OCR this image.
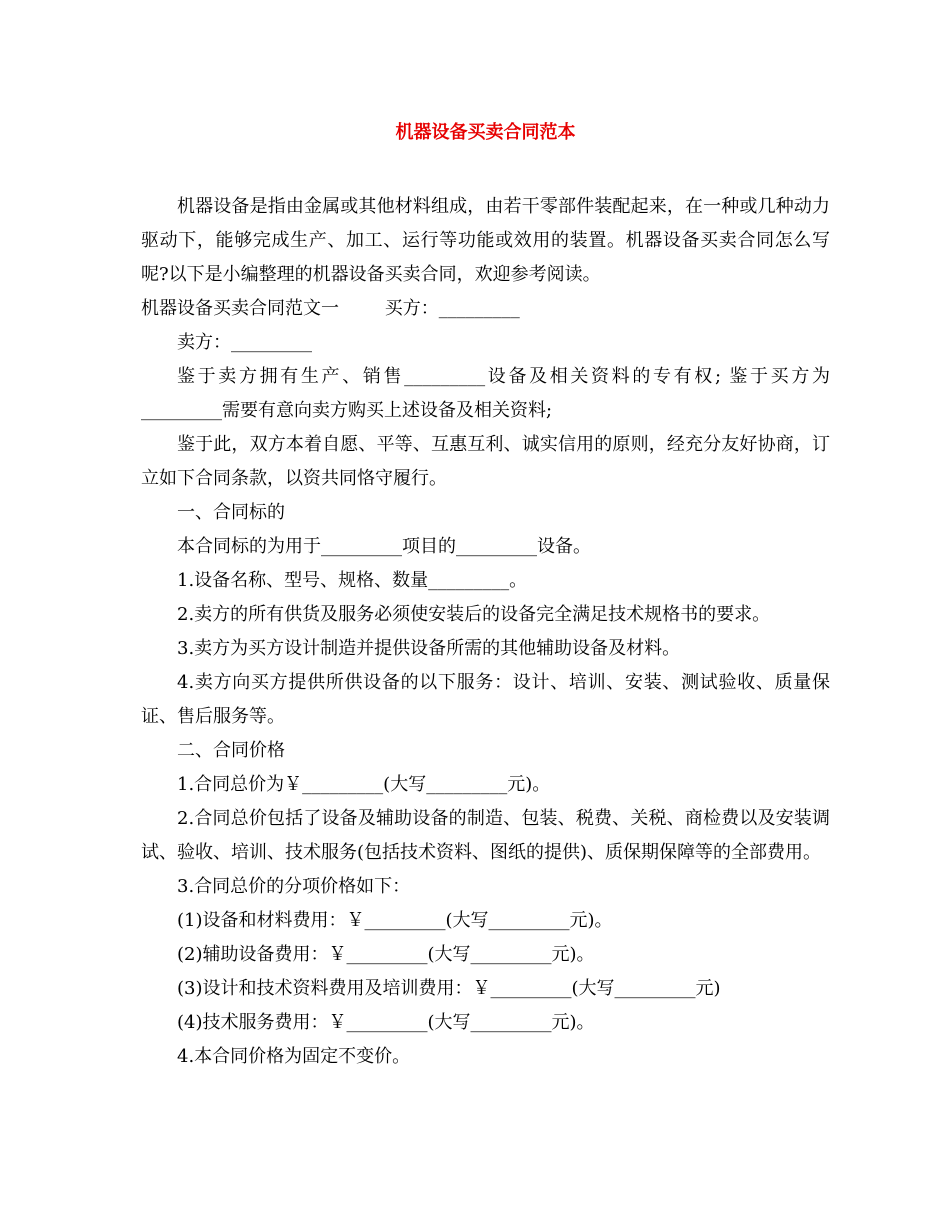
机器设备买卖合同范本

机器设备是指由金属或其他材料组成，由若干零部件装配起来，在一种或几种动力驱动下，能够完成生产、加工、运行等功能或效用的装置。机器设备买卖合同怎么写呢?以下是小编整理的机器设备买卖合同，欢迎参考阅读。

机器设备买卖合同范文一        买方：_________

卖方：_________

鉴于卖方拥有生产、销售_________设备及相关资料的专有权; 鉴于买方为_________需要有意向卖方购买上述设备及相关资料;

鉴于此，双方本着自愿、平等、互惠互利、诚实信用的原则，经充分友好协商，订立如下合同条款，以资共同恪守履行。

一、合同标的

本合同标的为用于_________项目的_________设备。

1.设备名称、型号、规格、数量_________。

2.卖方的所有供货及服务必须使安装后的设备完全满足技术规格书的要求。

3.卖方为买方设计制造并提供设备所需的其他辅助设备及材料。

4.卖方向买方提供所供设备的以下服务：设计、培训、安装、测试验收、质量保证、售后服务等。

二、合同价格

1.合同总价为￥_________(大写_________元)。

2.合同总价包括了设备及辅助设备的制造、包装、税费、关税、商检费以及安装调试、验收、培训、技术服务(包括技术资料、图纸的提供)、质保期保障等的全部费用。

3.合同总价的分项价格如下：

(1)设备和材料费用：￥_________(大写_________元)。

(2)辅助设备费用：￥_________(大写_________元)。

(3)设计和技术资料费用及培训费用：￥_________(大写_________元)

(4)技术服务费用：￥_________(大写_________元)。

4.本合同价格为固定不变价。
